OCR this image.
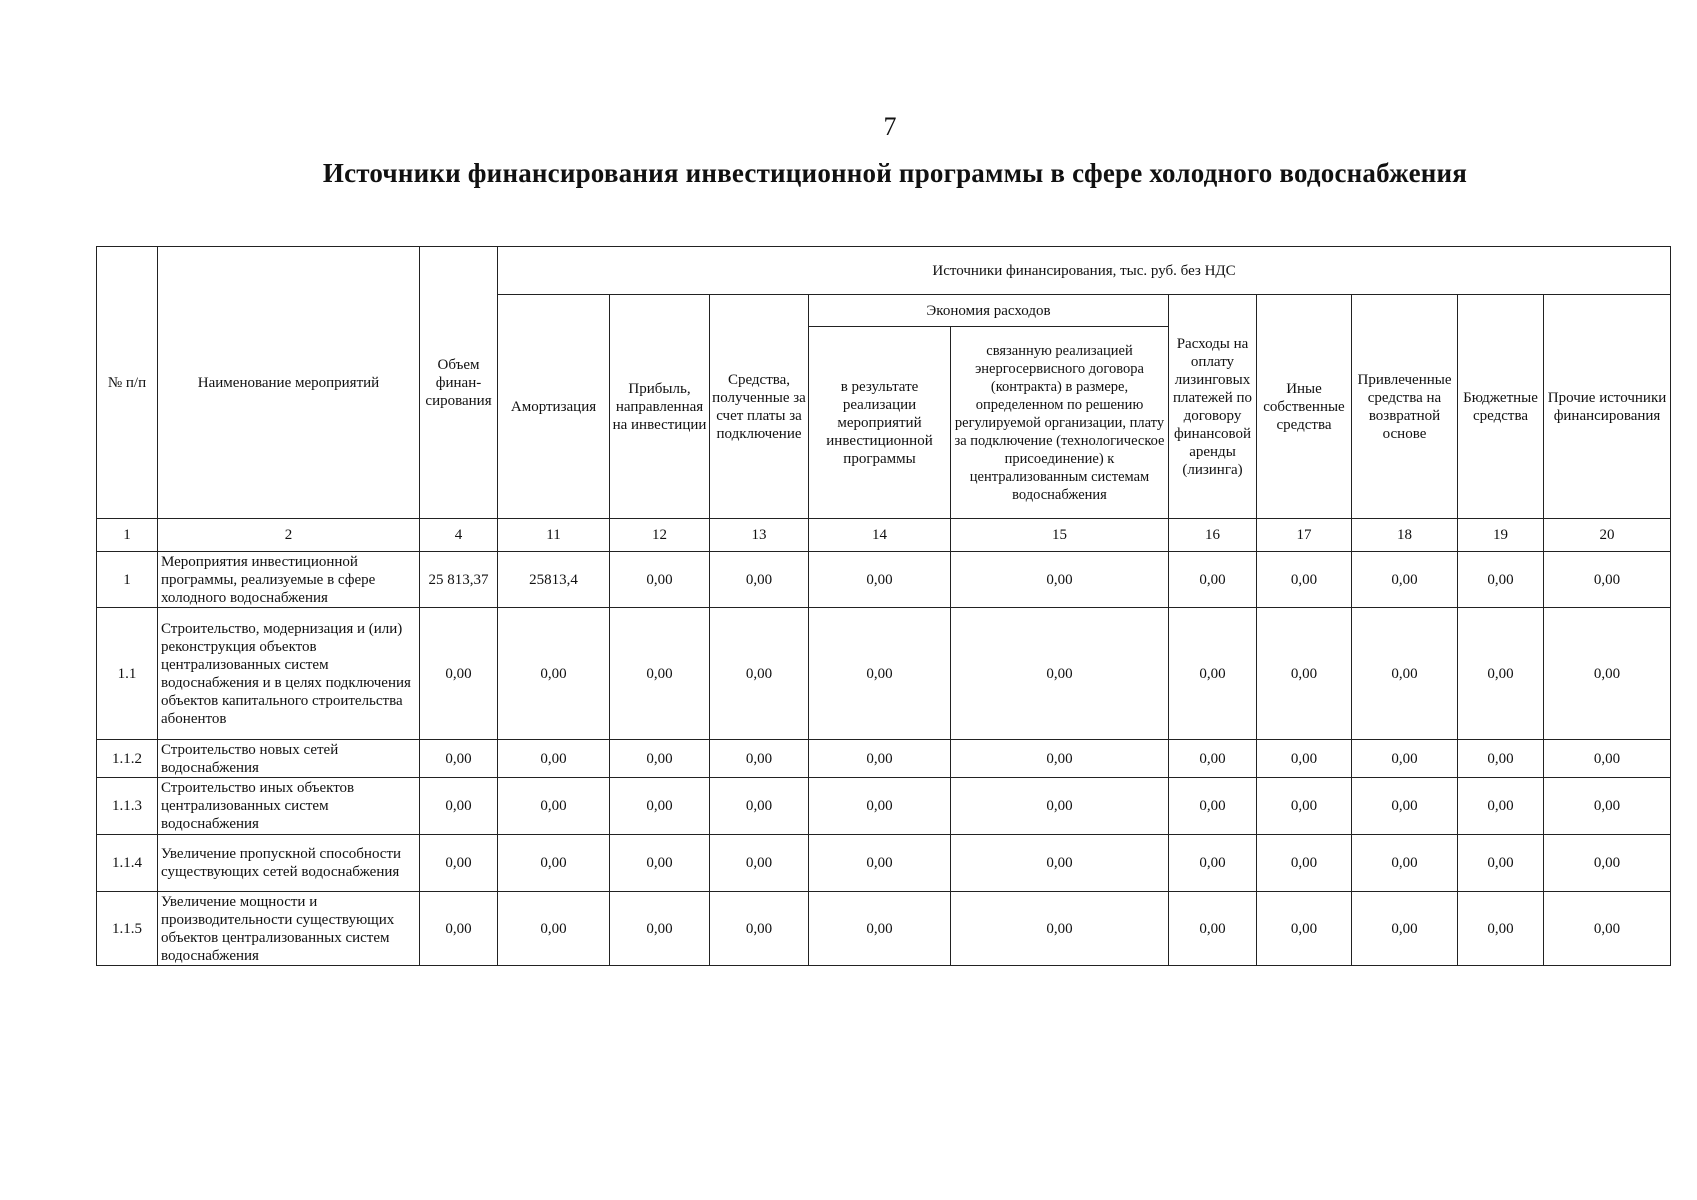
7
Источники финансирования инвестиционной программы в сфере холодного водоснабжения
№ п/п	Наименование мероприятий	Объем финан-сирования	Источники финансирования, тыс. руб. без НДС									
			Амортизация	Прибыль, направленная на инвестиции	Средства, полученные за счет платы за подключение	Экономия расходов		Расходы на оплату лизинговых платежей по договору финансовой аренды (лизинга)	Иные собственные средства	Привлеченные средства на возвратной основе	Бюджетные средства	Прочие источники финансирования
						в результате реализации мероприятий инвестиционной программы	связанную реализацией энергосервисного договора (контракта) в размере, определенном по решению регулируемой организации, плату за подключение (технологическое присоединение) к централизованным системам водоснабжения					
1	2	4	11	12	13	14	15	16	17	18	19	20
1	Мероприятия инвестиционной программы, реализуемые в сфере холодного водоснабжения	25 813,37	25813,4	0,00	0,00	0,00	0,00	0,00	0,00	0,00	0,00	0,00
1.1	Строительство, модернизация и (или) реконструкция объектов централизованных систем водоснабжения и в целях подключения объектов капитального строительства абонентов	0,00	0,00	0,00	0,00	0,00	0,00	0,00	0,00	0,00	0,00	0,00
1.1.2	Строительство новых сетей водоснабжения	0,00	0,00	0,00	0,00	0,00	0,00	0,00	0,00	0,00	0,00	0,00
1.1.3	Строительство иных объектов централизованных систем водоснабжения	0,00	0,00	0,00	0,00	0,00	0,00	0,00	0,00	0,00	0,00	0,00
1.1.4	Увеличение пропускной способности существующих сетей водоснабжения	0,00	0,00	0,00	0,00	0,00	0,00	0,00	0,00	0,00	0,00	0,00
1.1.5	Увеличение мощности и производительности существующих объектов централизованных систем водоснабжения	0,00	0,00	0,00	0,00	0,00	0,00	0,00	0,00	0,00	0,00	0,00
